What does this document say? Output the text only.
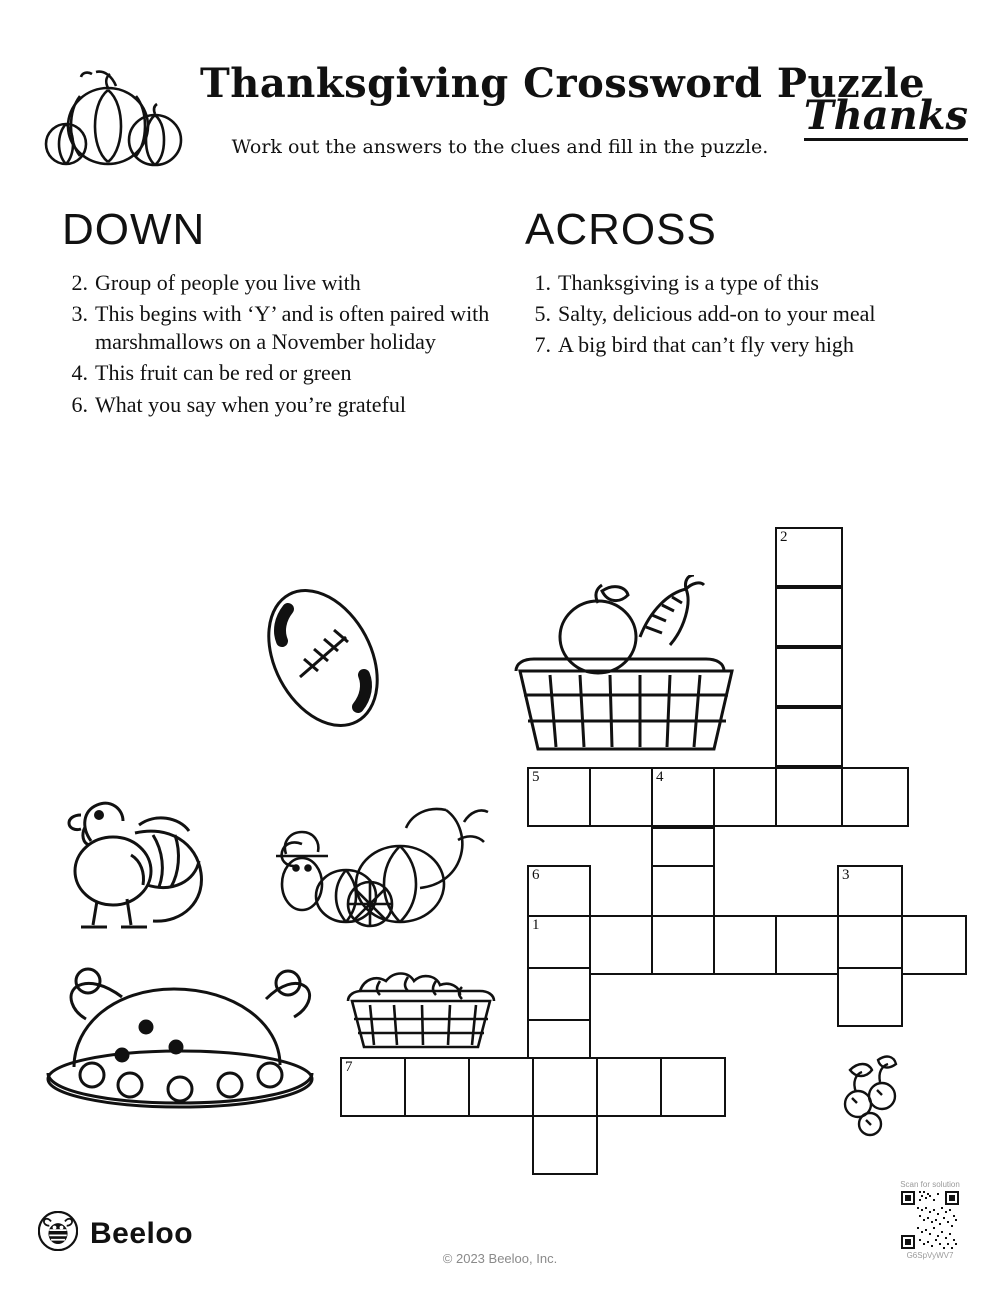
Thanksgiving Crossword Puzzle
Work out the answers to the clues and fill in the puzzle.
Thanks
DOWN
2. Group of people you live with
3. This begins with ‘Y’ and is often paired with marshmallows on a November holiday
4. This fruit can be red or green
6. What you say when you’re grateful
ACROSS
1. Thanksgiving is a type of this
5. Salty, delicious add-on to your meal
7. A big bird that can’t fly very high
2
5	4
6	3
1
7
Beeloo
© 2023 Beeloo, Inc.
Scan for solution
G6SpVyWV7
